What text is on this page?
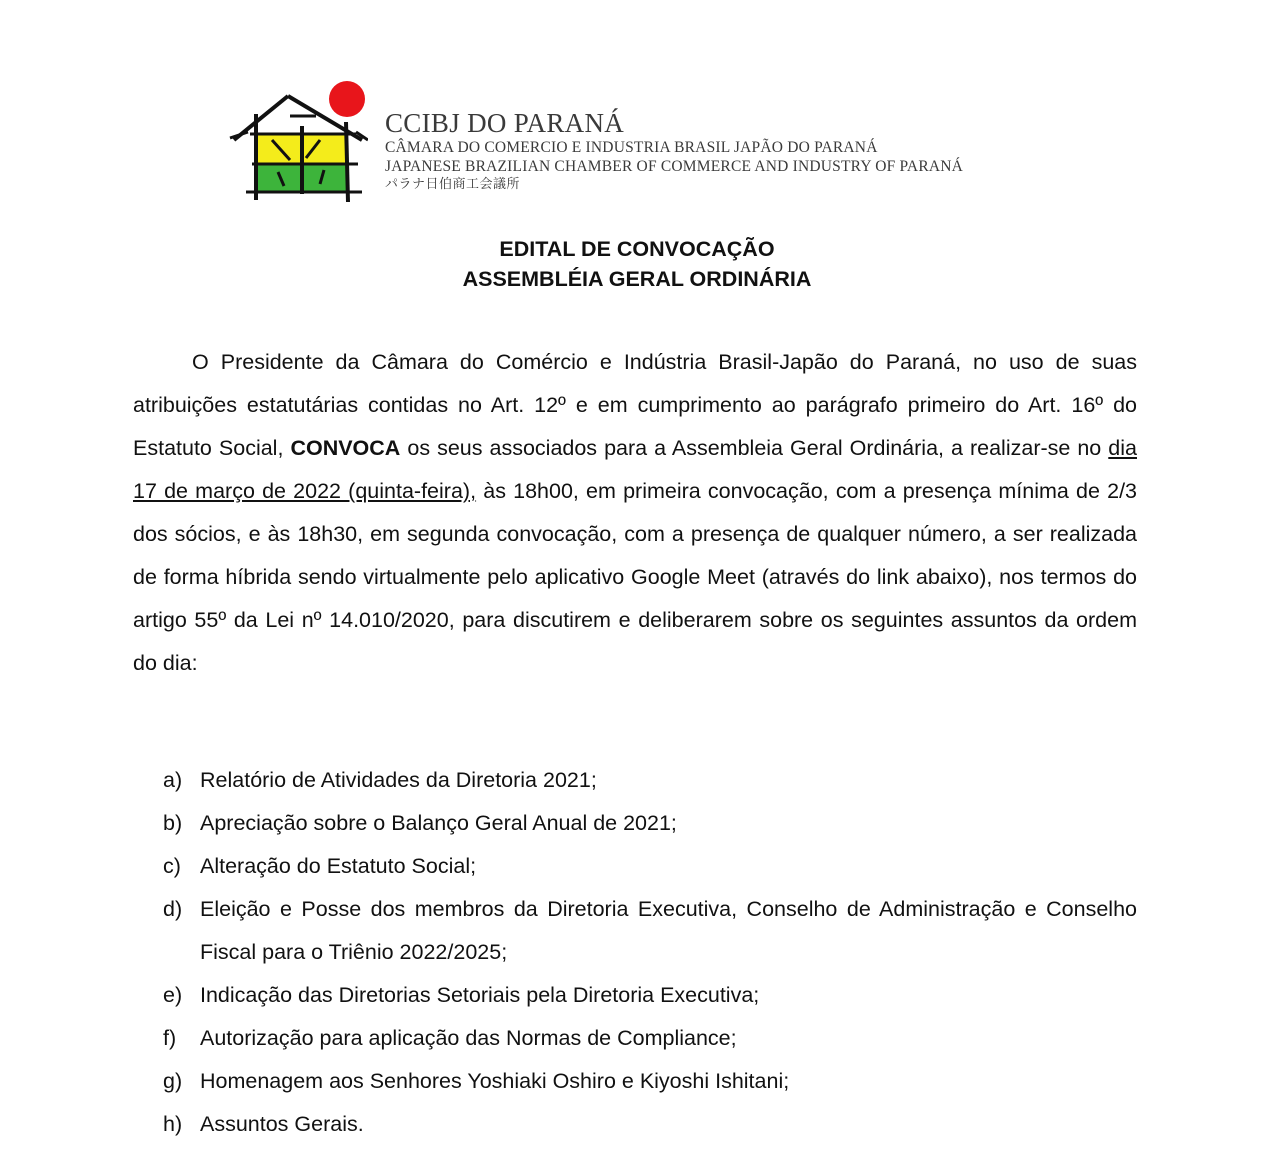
CCIBJ DO PARANÁ
CÂMARA DO COMERCIO E INDUSTRIA BRASIL JAPÃO DO PARANÁ
JAPANESE BRAZILIAN CHAMBER OF COMMERCE AND INDUSTRY OF PARANÁ
パラナ日伯商工会議所
EDITAL DE CONVOCAÇÃO
ASSEMBLÉIA GERAL ORDINÁRIA

O Presidente da Câmara do Comércio e Indústria Brasil-Japão do Paraná, no uso de suas atribuições estatutárias contidas no Art. 12º e em cumprimento ao parágrafo primeiro do Art. 16º do Estatuto Social, CONVOCA os seus associados para a Assembleia Geral Ordinária, a realizar-se no dia 17 de março de 2022 (quinta-feira), às 18h00, em primeira convocação, com a presença mínima de 2/3 dos sócios, e às 18h30, em segunda convocação, com a presença de qualquer número, a ser realizada de forma híbrida sendo virtualmente pelo aplicativo Google Meet (através do link abaixo), nos termos do artigo 55º da Lei nº 14.010/2020, para discutirem e deliberarem sobre os seguintes assuntos da ordem do dia:

a) Relatório de Atividades da Diretoria 2021;
b) Apreciação sobre o Balanço Geral Anual de 2021;
c) Alteração do Estatuto Social;
d) Eleição e Posse dos membros da Diretoria Executiva, Conselho de Administração e Conselho Fiscal para o Triênio 2022/2025;
e) Indicação das Diretorias Setoriais pela Diretoria Executiva;
f)	Autorização para aplicação das Normas de Compliance;
g) Homenagem aos Senhores Yoshiaki Oshiro e Kiyoshi Ishitani;
h) Assuntos Gerais.
